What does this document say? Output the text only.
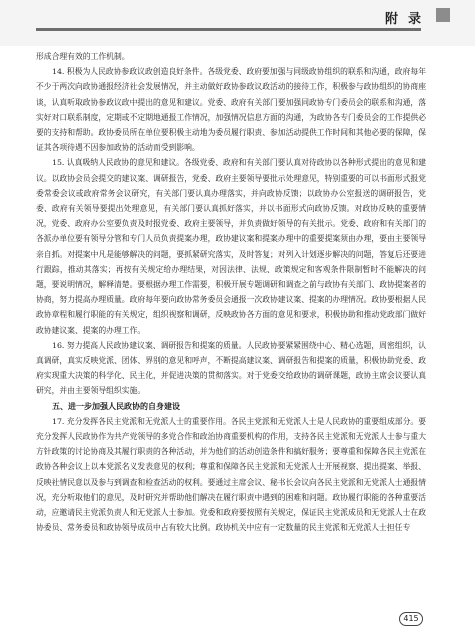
附录

形成合理有效的工作机制。

14. 积极为人民政协参政议政创造良好条件。各级党委、政府要加强与同级政协组织的联系和沟通，政府每年不少于两次向政协通报经济社会发展情况，并主动做好政协参政议政活动的接待工作，积极参与政协组织的协商座谈，认真听取政协参政议政中提出的意见和建议。党委、政府有关部门要加强同政协专门委员会的联系和沟通，落实好对口联系制度，定期或不定期地通报工作情况，加强情况信息方面的沟通，为政协各专门委员会的工作提供必要的支持和帮助。政协委员所在单位要积极主动地为委员履行职责、参加活动提供工作时间和其他必要的保障，保证其各项待遇不因参加政协的活动而受到影响。

15. 认真吸纳人民政协的意见和建议。各级党委、政府和有关部门要认真对待政协以各种形式提出的意见和建议。以政协会员会提交的建议案、调研报告，党委、政府主要领导要批示处理意见，特别重要的可以书面形式报党委常委会议或政府常务会议研究，有关部门要认真办理落实，并向政协反馈；以政协办公室报送的调研报告，党委、政府有关领导要提出处理意见，有关部门要认真抓好落实，并以书面形式向政协反馈。对政协反映的重要情况，党委、政府办公室要负责及时报党委、政府主要领导，并负责做好领导的有关批示。党委、政府和有关部门的各派办单位要有领导分管和专门人员负责提案办理，政协建议案和提案办理中的重要提案须由办理，要由主要领导亲自抓。对提案中凡是能够解决的问题，要抓紧研究落实，及时答复；对列入计划逐步解决的问题，答复后还要进行跟踪，推动其落实；再按有关规定给办理结果，对因法律、法规、政策规定和客观条件限制暂时不能解决的问题，要说明情况，解释清楚。要根据办理工作需要，积极开展专题调研和调查之前与政协有关部门、政协提案者的协商，努力提高办理质量。政府每年要向政协常务委员会通报一次政协建议案、提案的办理情况。政协要根据人民政协章程和履行职能的有关规定，组织视察和调研，反映政协各方面的意见和要求，积极协助和推动党政部门做好政协建议案、提案的办理工作。

16. 努力提高人民政协建议案、调研报告和提案的质量。人民政协要紧紧围绕中心、精心选题，周密组织，认真调研，真实反映党派、团体、界别的意见和呼声，不断提高建议案、调研报告和提案的质量，积极协助党委、政府实现重大决策的科学化、民主化，并促进决策的贯彻落实。对于党委交给政协的调研课题，政协主席会议要认真研究，并由主要领导组织实施。

五、进一步加强人民政协的自身建设

17. 充分发挥各民主党派和无党派人士的重要作用。各民主党派和无党派人士是人民政协的重要组成部分。要充分发挥人民政协作为共产党领导的多党合作和政治协商重要机构的作用，支持各民主党派和无党派人士参与重大方针政策的讨论协商及其履行职责的各种活动，并为他们的活动创造条件和搞好服务；要尊重和保障各民主党派在政协各种会议上以本党派名义发表意见的权利；尊重和保障各民主党派和无党派人士开展视察、提出提案、举报、反映社情民意以及参与到调查和检查活动的权利。要通过主席会议、秘书长会议向各民主党派和无党派人士通报情况，充分听取他们的意见，及时研究并帮助他们解决在履行职责中遇到的困难和问题。政协履行职能的各种重要活动，应邀请民主党派负责人和无党派人士参加。党委和政府要按照有关规定，保证民主党派成员和无党派人士在政协委员、常务委员和政协领导成员中占有较大比例。政协机关中应有一定数量的民主党派和无党派人士担任专

415
